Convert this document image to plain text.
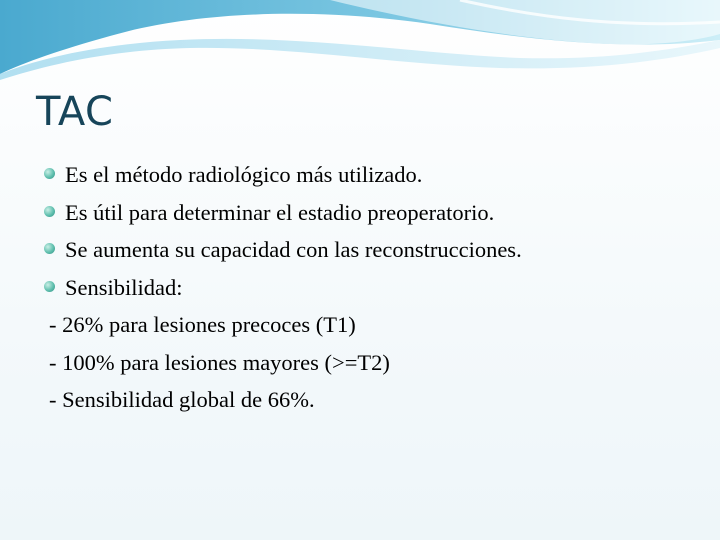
TAC
Es el método radiológico más utilizado.
Es útil para determinar el estadio preoperatorio.
Se aumenta su capacidad con las reconstrucciones.
Sensibilidad:
- 26% para lesiones precoces (T1)
- 100% para lesiones mayores (>=T2)
- Sensibilidad global de 66%.
